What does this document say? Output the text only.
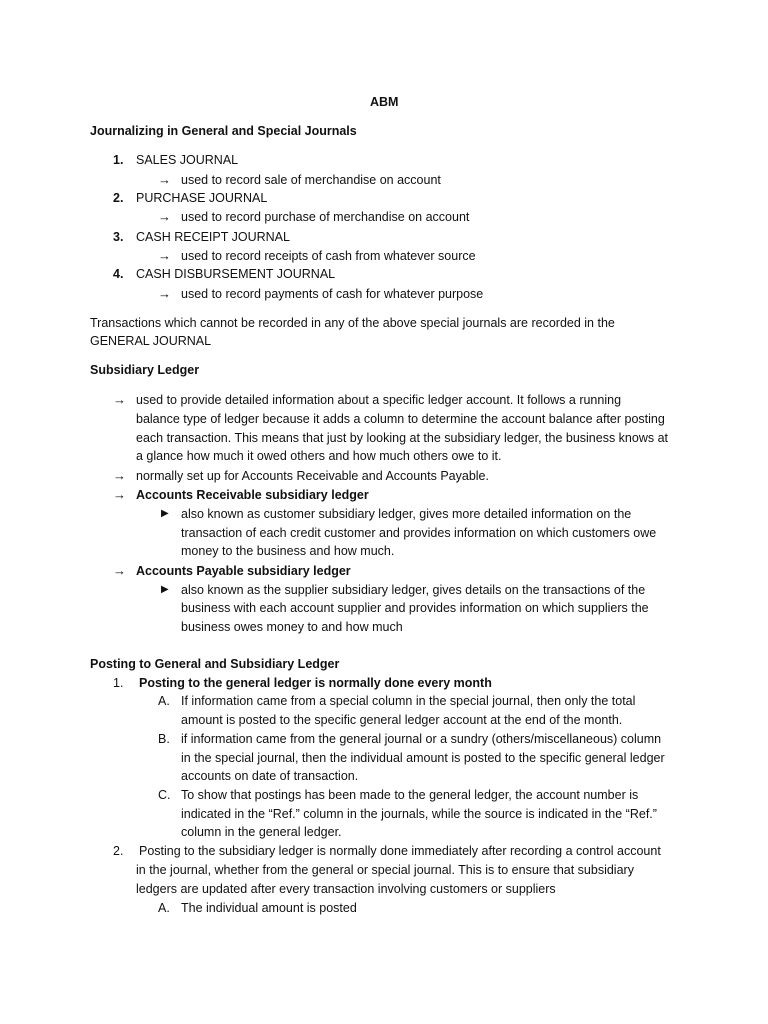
ABM
Journalizing in General and Special Journals
1. SALES JOURNAL
→ used to record sale of merchandise on account
2. PURCHASE JOURNAL
→ used to record purchase of merchandise on account
3. CASH RECEIPT JOURNAL
→ used to record receipts of cash from whatever source
4. CASH DISBURSEMENT JOURNAL
→ used to record payments of cash for whatever purpose
Transactions which cannot be recorded in any of the above special journals are recorded in the
GENERAL JOURNAL
Subsidiary Ledger
→ used to provide detailed information about a specific ledger account. It follows a running
balance type of ledger because it adds a column to determine the account balance after posting
each transaction. This means that just by looking at the subsidiary ledger, the business knows at
a glance how much it owed others and how much others owe to it.
→ normally set up for Accounts Receivable and Accounts Payable.
→ Accounts Receivable subsidiary ledger
▶ also known as customer subsidiary ledger, gives more detailed information on the
transaction of each credit customer and provides information on which customers owe
money to the business and how much.
→ Accounts Payable subsidiary ledger
▶ also known as the supplier subsidiary ledger, gives details on the transactions of the
business with each account supplier and provides information on which suppliers the
business owes money to and how much
Posting to General and Subsidiary Ledger
1. Posting to the general ledger is normally done every month
A. If information came from a special column in the special journal, then only the total
amount is posted to the specific general ledger account at the end of the month.
B. if information came from the general journal or a sundry (others/miscellaneous) column
in the special journal, then the individual amount is posted to the specific general ledger
accounts on date of transaction.
C. To show that postings has been made to the general ledger, the account number is
indicated in the “Ref.” column in the journals, while the source is indicated in the “Ref.”
column in the general ledger.
2. Posting to the subsidiary ledger is normally done immediately after recording a control account
in the journal, whether from the general or special journal. This is to ensure that subsidiary
ledgers are updated after every transaction involving customers or suppliers
A. The individual amount is posted
